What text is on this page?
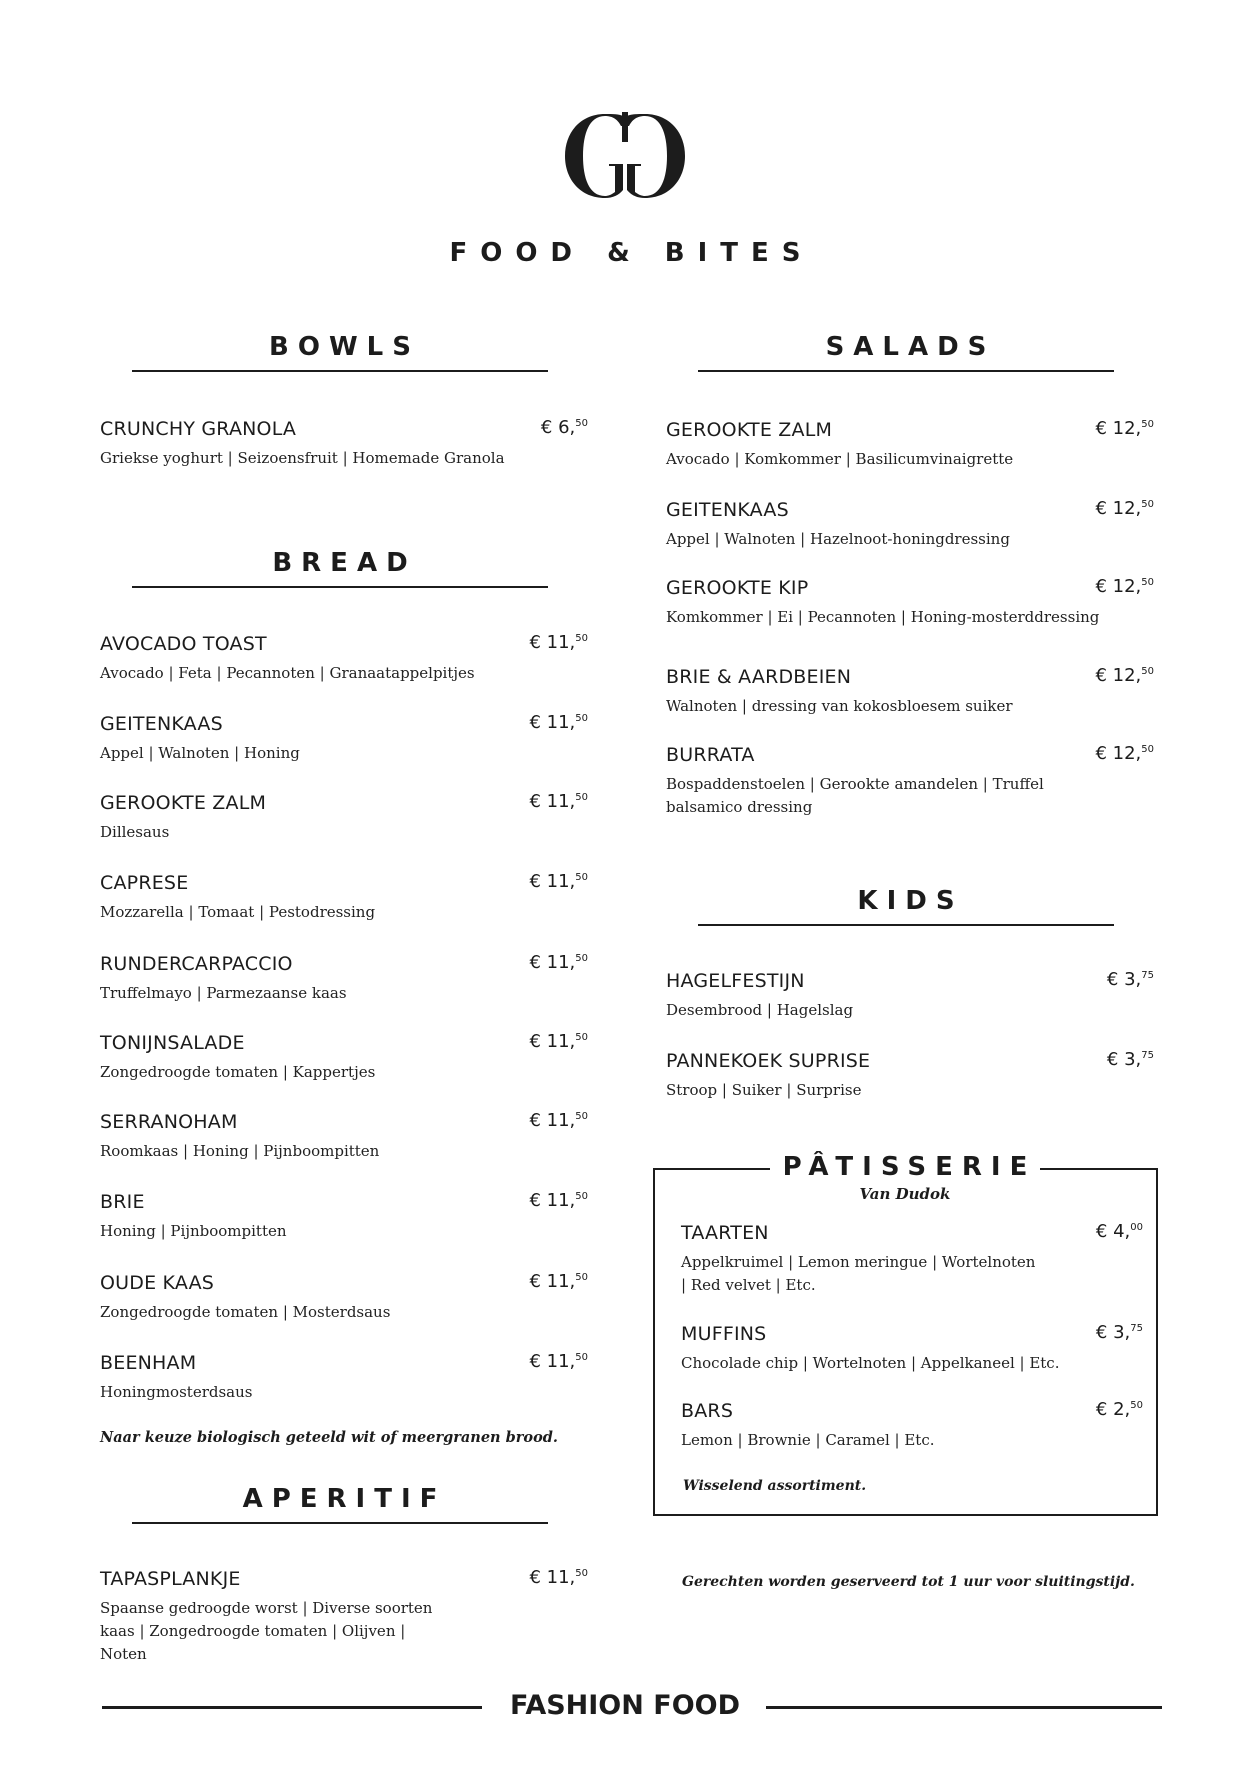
FOOD & BITES
BOWLS
CRUNCHY GRANOLA
Griekse yoghurt | Seizoensfruit | Homemade Granola
€ 6,50
BREAD
AVOCADO TOAST
Avocado | Feta | Pecannoten | Granaatappelpitjes
€ 11,50
GEITENKAAS
Appel | Walnoten | Honing
€ 11,50
GEROOKTE ZALM
Dillesaus
€ 11,50
CAPRESE
Mozzarella | Tomaat | Pestodressing
€ 11,50
RUNDERCARPACCIO
Truffelmayo | Parmezaanse kaas
€ 11,50
TONIJNSALADE
Zongedroogde tomaten | Kappertjes
€ 11,50
SERRANOHAM
Roomkaas | Honing | Pijnboompitten
€ 11,50
BRIE
Honing | Pijnboompitten
€ 11,50
OUDE KAAS
Zongedroogde tomaten | Mosterdsaus
€ 11,50
BEENHAM
Honingmosterdsaus
€ 11,50
Naar keuze biologisch geteeld wit of meergranen brood.
APERITIF
TAPASPLANKJE
Spaanse gedroogde worst | Diverse soorten kaas | Zongedroogde tomaten | Olijven | Noten
€ 11,50
SALADS
GEROOKTE ZALM
Avocado | Komkommer | Basilicumvinaigrette
€ 12,50
GEITENKAAS
Appel | Walnoten | Hazelnoot-honingdressing
€ 12,50
GEROOKTE KIP
Komkommer | Ei | Pecannoten | Honing-mosterddressing
€ 12,50
BRIE & AARDBEIEN
Walnoten | dressing van kokosbloesem suiker
€ 12,50
BURRATA
Bospaddenstoelen | Gerookte amandelen | Truffel balsamico dressing
€ 12,50
KIDS
HAGELFESTIJN
Desembrood | Hagelslag
€ 3,75
PANNEKOEK SUPRISE
Stroop | Suiker | Surprise
€ 3,75
PÂTISSERIE
Van Dudok
TAARTEN
Appelkruimel | Lemon meringue | Wortelnoten | Red velvet | Etc.
€ 4,00
MUFFINS
Chocolade chip | Wortelnoten | Appelkaneel | Etc.
€ 3,75
BARS
Lemon | Brownie | Caramel | Etc.
€ 2,50
Wisselend assortiment.
Gerechten worden geserveerd tot 1 uur voor sluitingstijd.
FASHION FOOD
